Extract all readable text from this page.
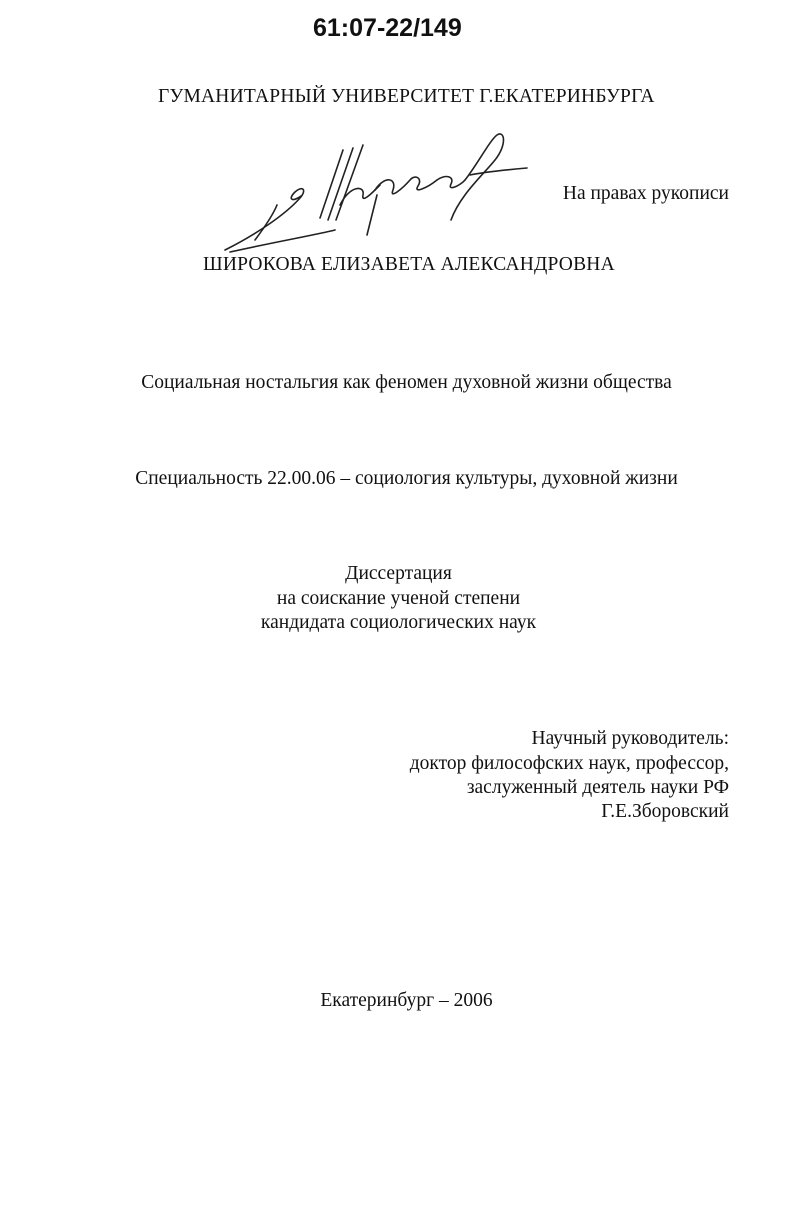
61:07-22/149
ГУМАНИТАРНЫЙ УНИВЕРСИТЕТ Г.ЕКАТЕРИНБУРГА
На правах рукописи
ШИРОКОВА ЕЛИЗАВЕТА АЛЕКСАНДРОВНА
Социальная ностальгия как феномен духовной жизни общества
Специальность 22.00.06 – социология культуры, духовной жизни
Диссертация
на соискание ученой степени
кандидата социологических наук
Научный руководитель:
доктор философских наук, профессор,
заслуженный деятель науки РФ
Г.Е.Зборовский
Екатеринбург – 2006
